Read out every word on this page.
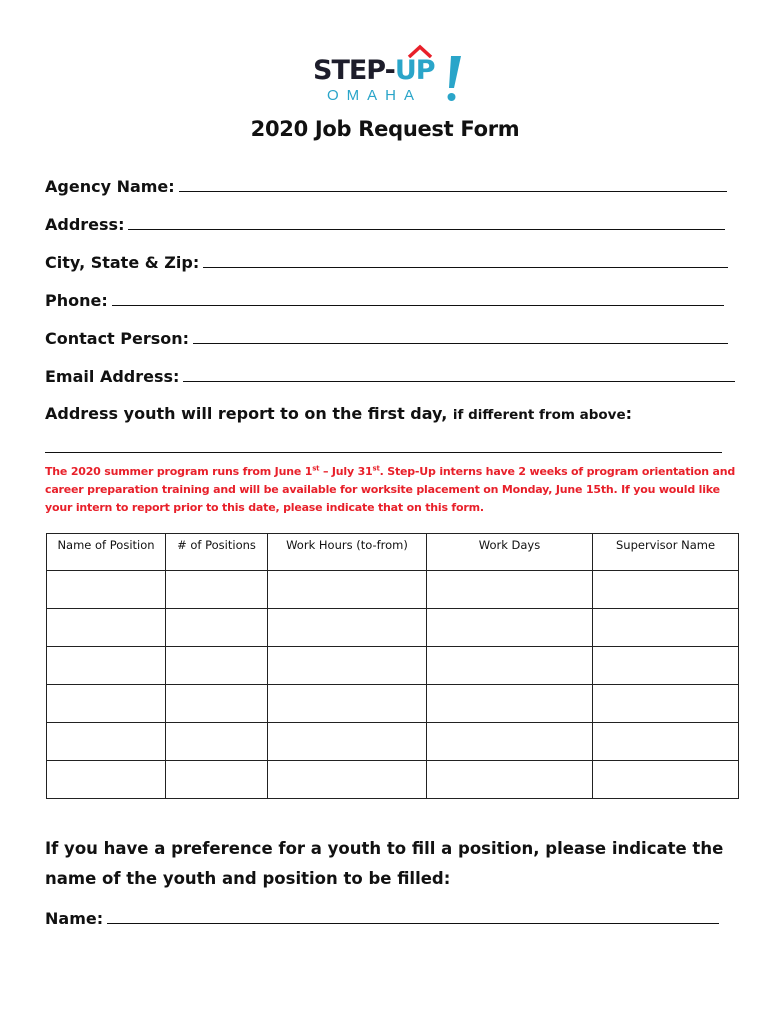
STEP-UP
OMAHA
2020 Job Request Form
Agency Name:
Address:
City, State & Zip:
Phone:
Contact Person:
Email Address:
Address youth will report to on the first day, if different from above:
The 2020 summer program runs from June 1st – July 31st. Step-Up interns have 2 weeks of program orientation and career preparation training and will be available for worksite placement on Monday, June 15th. If you would like your intern to report prior to this date, please indicate that on this form.
Name of Position	# of Positions	Work Hours (to-from)	Work Days	Supervisor Name

If you have a preference for a youth to fill a position, please indicate the name of the youth and position to be filled:
Name:
